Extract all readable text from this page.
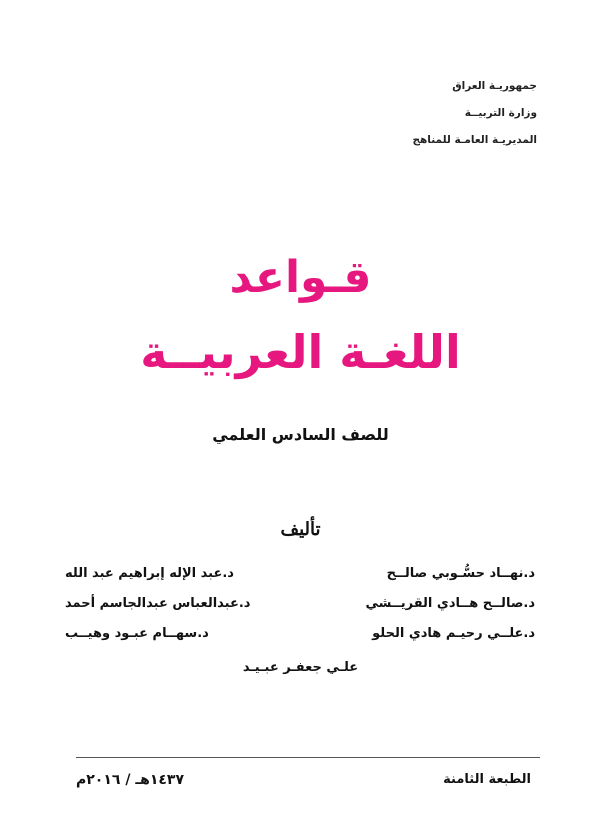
جمهوريـة العراق
وزارة التربيــة
المديريـة العامـة للمناهج
قـواعد
اللغـة العربيــة
للصف السادس العلمي
تأليف
د.نهــاد حسُّـوبي صالــح
د.عبد الإله إبراهيم عبد الله
د.صالــح هــادي القريــشي
د.عبدالعباس عبدالجاسم أحمد
د.علــي رحيـم هادي الحلو
د.سهــام عبـود وهيــب
علـي جعفـر عبـيـد
الطبعة الثامنة
١٤٣٧هـ / ٢٠١٦م
